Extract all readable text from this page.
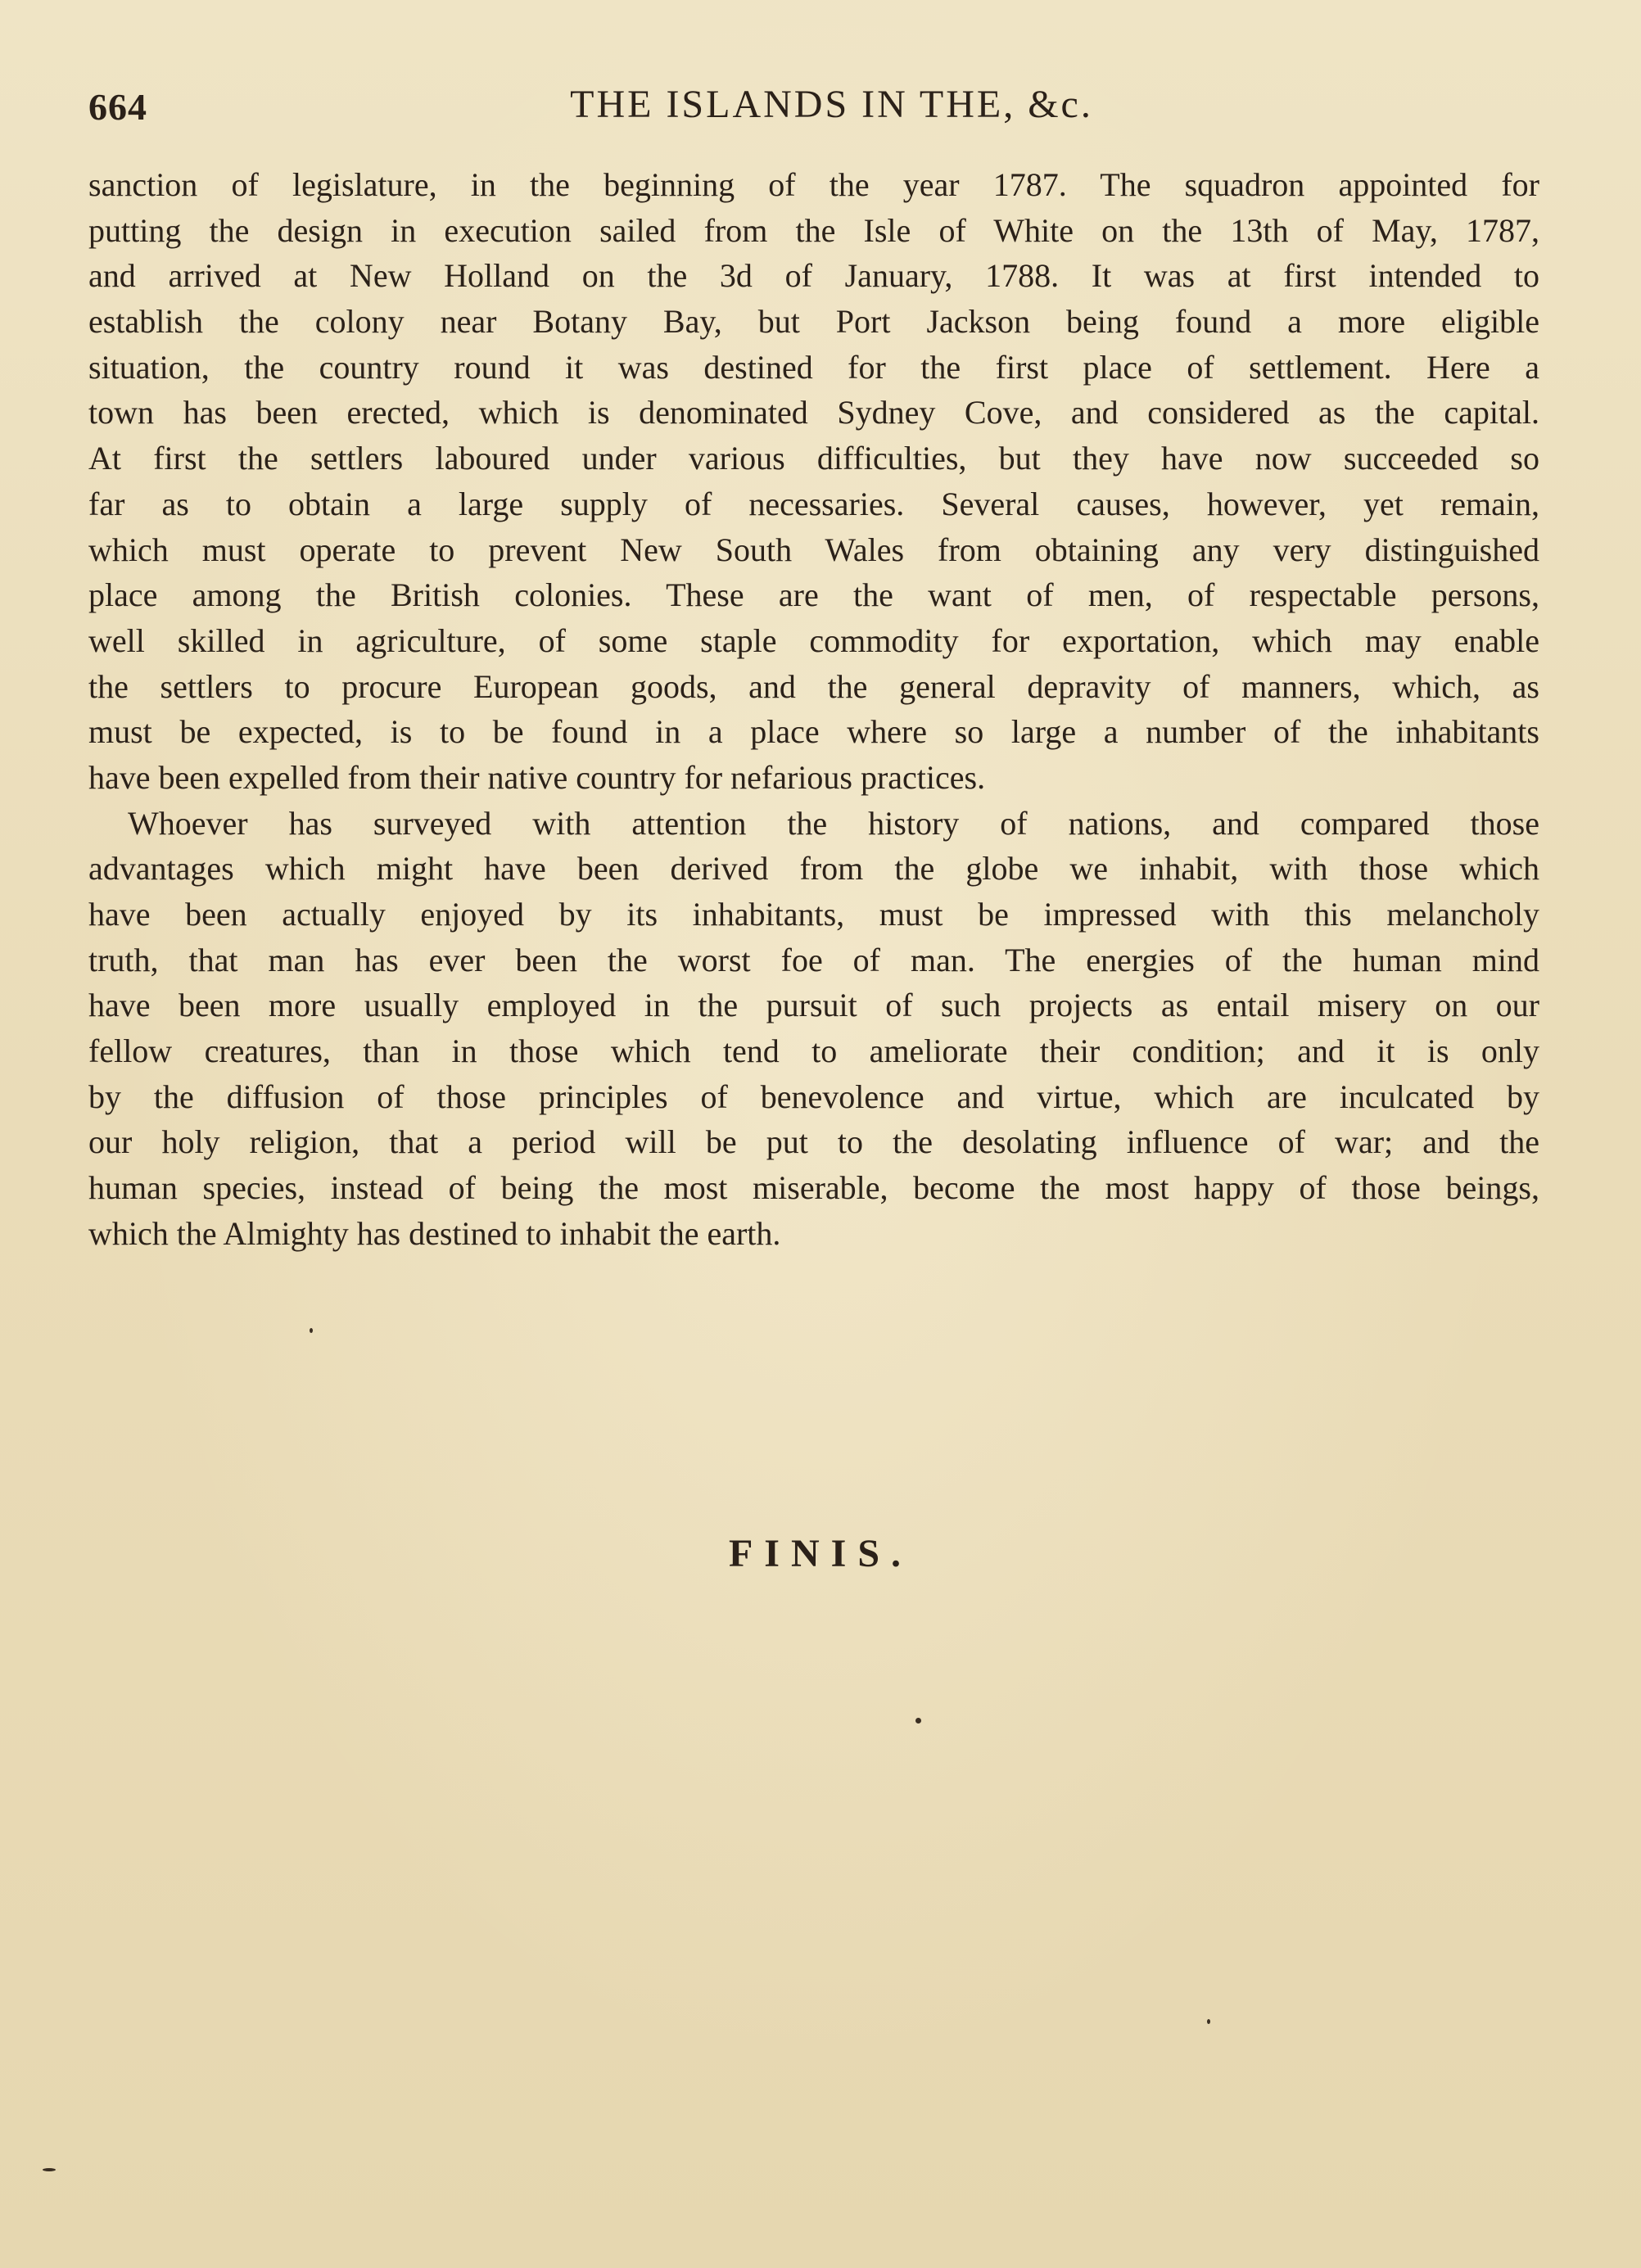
664	THE ISLANDS IN THE, &c.
sanction of legislature, in the beginning of the year 1787. The squadron appointed for
putting the design in execution sailed from the Isle of White on the 13th of May, 1787,
and arrived at New Holland on the 3d of January, 1788. It was at first intended to
establish the colony near Botany Bay, but Port Jackson being found a more eligible
situation, the country round it was destined for the first place of settlement. Here a
town has been erected, which is denominated Sydney Cove, and considered as the capital.
At first the settlers laboured under various difficulties, but they have now succeeded so
far as to obtain a large supply of necessaries. Several causes, however, yet remain,
which must operate to prevent New South Wales from obtaining any very distinguished
place among the British colonies. These are the want of men, of respectable persons,
well skilled in agriculture, of some staple commodity for exportation, which may enable
the settlers to procure European goods, and the general depravity of manners, which, as
must be expected, is to be found in a place where so large a number of the inhabitants
have been expelled from their native country for nefarious practices.
Whoever has surveyed with attention the history of nations, and compared those
advantages which might have been derived from the globe we inhabit, with those which
have been actually enjoyed by its inhabitants, must be impressed with this melancholy
truth, that man has ever been the worst foe of man. The energies of the human mind
have been more usually employed in the pursuit of such projects as entail misery on our
fellow creatures, than in those which tend to ameliorate their condition; and it is only
by the diffusion of those principles of benevolence and virtue, which are inculcated by
our holy religion, that a period will be put to the desolating influence of war; and the
human species, instead of being the most miserable, become the most happy of those beings,
which the Almighty has destined to inhabit the earth.
FINIS.
